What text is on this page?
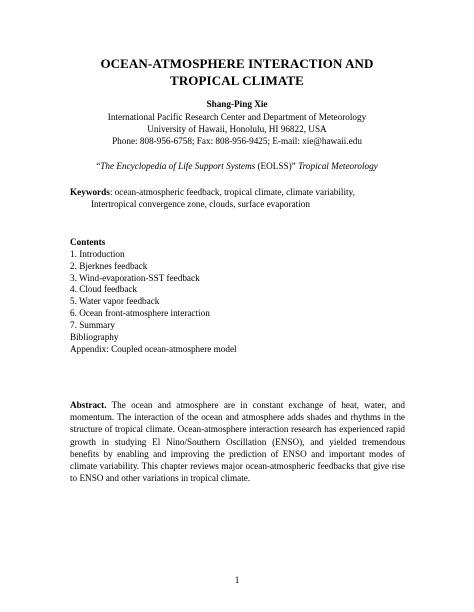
OCEAN-ATMOSPHERE INTERACTION AND
TROPICAL CLIMATE
Shang-Ping Xie
International Pacific Research Center and Department of Meteorology
University of Hawaii, Honolulu, HI 96822, USA
Phone: 808-956-6758; Fax: 808-956-9425; E-mail: xie@hawaii.edu
“The Encyclopedia of Life Support Systems (EOLSS)” Tropical Meteorology
Keywords: ocean-atmospheric feedback, tropical climate, climate variability,
Intertropical convergence zone, clouds, surface evaporation
Contents
1. Introduction
2. Bjerknes feedback
3. Wind-evaporation-SST feedback
4. Cloud feedback
5. Water vapor feedback
6. Ocean front-atmosphere interaction
7. Summary
Bibliography
Appendix: Coupled ocean-atmosphere model
Abstract. The ocean and atmosphere are in constant exchange of heat, water, and momentum. The interaction of the ocean and atmosphere adds shades and rhythms in the structure of tropical climate. Ocean-atmosphere interaction research has experienced rapid growth in studying El Nino/Southern Oscillation (ENSO), and yielded tremendous benefits by enabling and improving the prediction of ENSO and important modes of climate variability. This chapter reviews major ocean-atmospheric feedbacks that give rise to ENSO and other variations in tropical climate.
1
